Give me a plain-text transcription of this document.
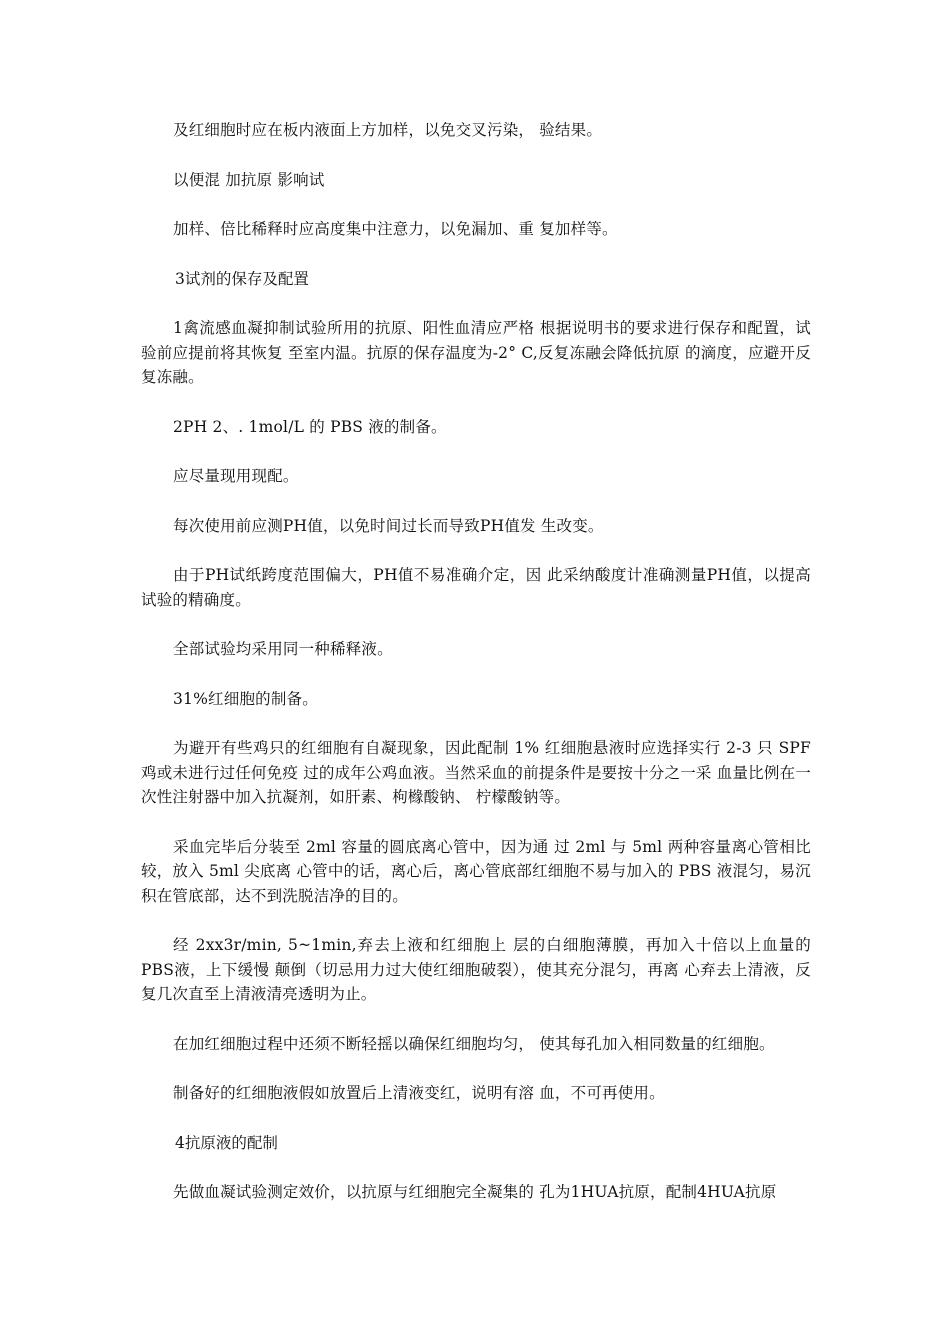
及红细胞时应在板内液面上方加样，以免交叉污染， 验结果。

以便混 加抗原 影响试

加样、倍比稀释时应高度集中注意力，以免漏加、重 复加样等。

3试剂的保存及配置

1禽流感血凝抑制试验所用的抗原、阳性血清应严格 根据说明书的要求进行保存和配置，试验前应提前将其恢复 至室内温。抗原的保存温度为-2° C,反复冻融会降低抗原 的滴度，应避开反复冻融。

2PH 2、. 1mol/L 的 PBS 液的制备。

应尽量现用现配。

每次使用前应测PH值，以免时间过长而导致PH值发 生改变。

由于PH试纸跨度范围偏大，PH值不易准确介定，因 此采纳酸度计准确测量PH值，以提高试验的精确度。

全部试验均采用同一种稀释液。

31%红细胞的制备。

为避开有些鸡只的红细胞有自凝现象，因此配制 1% 红细胞悬液时应选择实行 2-3 只 SPF鸡或未进行过任何免疫 过的成年公鸡血液。当然采血的前提条件是要按十分之一采 血量比例在一次性注射器中加入抗凝剂，如肝素、枸橼酸钠、 柠檬酸钠等。

采血完毕后分装至 2ml 容量的圆底离心管中，因为通 过 2ml 与 5ml 两种容量离心管相比较，放入 5ml 尖底离 心管中的话，离心后，离心管底部红细胞不易与加入的 PBS 液混匀，易沉积在管底部，达不到洗脱洁净的目的。

经 2xx3r/min, 5~1min,弃去上液和红细胞上 层的白细胞薄膜，再加入十倍以上血量的PBS液，上下缓慢 颠倒（切忌用力过大使红细胞破裂），使其充分混匀，再离 心弃去上清液，反复几次直至上清液清亮透明为止。

在加红细胞过程中还须不断轻摇以确保红细胞均匀， 使其每孔加入相同数量的红细胞。

制备好的红细胞液假如放置后上清液变红，说明有溶 血，不可再使用。

4抗原液的配制

先做血凝试验测定效价，以抗原与红细胞完全凝集的 孔为1HUA抗原，配制4HUA抗原
